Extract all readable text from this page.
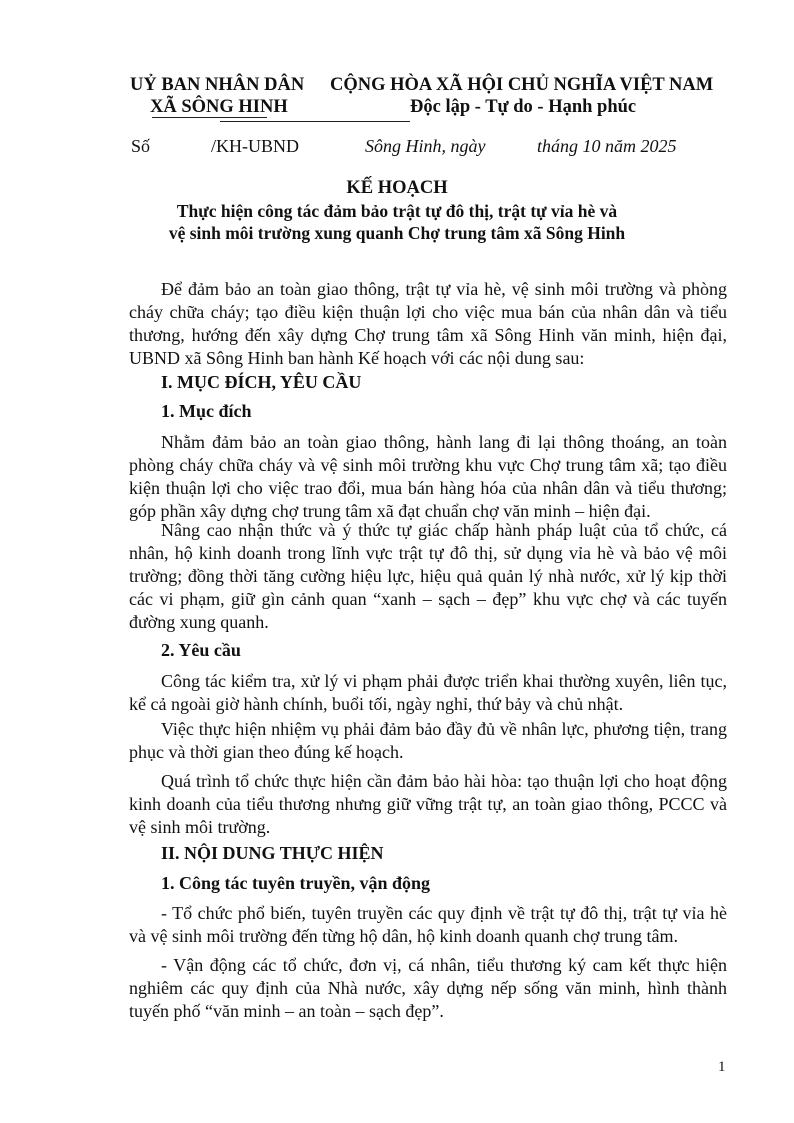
UỶ BAN NHÂN DÂN
XÃ SÔNG HINH
CỘNG HÒA XÃ HỘI CHỦ NGHĨA VIỆT NAM
Độc lập - Tự do - Hạnh phúc
Số	/KH-UBND	Sông Hinh, ngày	tháng 10 năm 2025
KẾ HOẠCH
Thực hiện công tác đảm bảo trật tự đô thị, trật tự vỉa hè và
vệ sinh môi trường xung quanh Chợ trung tâm xã Sông Hinh
Để đảm bảo an toàn giao thông, trật tự vỉa hè, vệ sinh môi trường và phòng cháy chữa cháy; tạo điều kiện thuận lợi cho việc mua bán của nhân dân và tiểu thương, hướng đến xây dựng Chợ trung tâm xã Sông Hinh văn minh, hiện đại, UBND xã Sông Hinh ban hành Kế hoạch với các nội dung sau:
I. MỤC ĐÍCH, YÊU CẦU
1. Mục đích
Nhằm đảm bảo an toàn giao thông, hành lang đi lại thông thoáng, an toàn phòng cháy chữa cháy và vệ sinh môi trường khu vực Chợ trung tâm xã; tạo điều kiện thuận lợi cho việc trao đổi, mua bán hàng hóa của nhân dân và tiểu thương; góp phần xây dựng chợ trung tâm xã đạt chuẩn chợ văn minh – hiện đại.
Nâng cao nhận thức và ý thức tự giác chấp hành pháp luật của tổ chức, cá nhân, hộ kinh doanh trong lĩnh vực trật tự đô thị, sử dụng vỉa hè và bảo vệ môi trường; đồng thời tăng cường hiệu lực, hiệu quả quản lý nhà nước, xử lý kịp thời các vi phạm, giữ gìn cảnh quan “xanh – sạch – đẹp” khu vực chợ và các tuyến đường xung quanh.
2. Yêu cầu
Công tác kiểm tra, xử lý vi phạm phải được triển khai thường xuyên, liên tục, kể cả ngoài giờ hành chính, buổi tối, ngày nghỉ, thứ bảy và chủ nhật.
Việc thực hiện nhiệm vụ phải đảm bảo đầy đủ về nhân lực, phương tiện, trang phục và thời gian theo đúng kế hoạch.
Quá trình tổ chức thực hiện cần đảm bảo hài hòa: tạo thuận lợi cho hoạt động kinh doanh của tiểu thương nhưng giữ vững trật tự, an toàn giao thông, PCCC và vệ sinh môi trường.
II. NỘI DUNG THỰC HIỆN
1. Công tác tuyên truyền, vận động
- Tổ chức phổ biến, tuyên truyền các quy định về trật tự đô thị, trật tự vỉa hè và vệ sinh môi trường đến từng hộ dân, hộ kinh doanh quanh chợ trung tâm.
- Vận động các tổ chức, đơn vị, cá nhân, tiểu thương ký cam kết thực hiện nghiêm các quy định của Nhà nước, xây dựng nếp sống văn minh, hình thành tuyến phố “văn minh – an toàn – sạch đẹp”.
1
